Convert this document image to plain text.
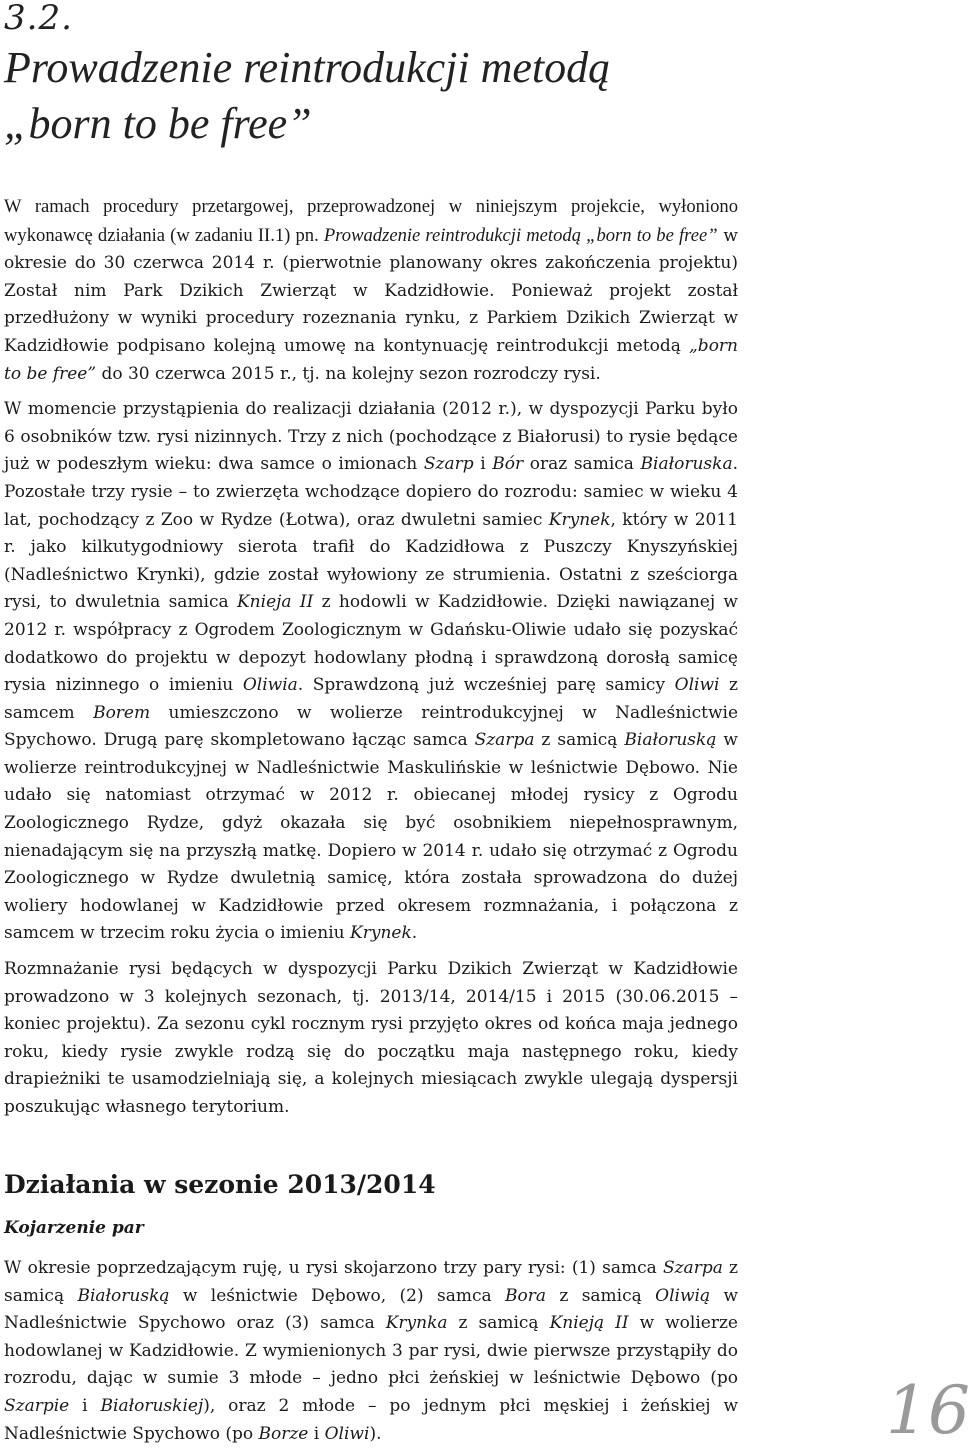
3.2.
Prowadzenie reintrodukcji metodą
„born to be free”

W ramach procedury przetargowej, przeprowadzonej w niniejszym projekcie, wyłoniono wykonawcę działania (w zadaniu II.1) pn. Prowadzenie reintrodukcji metodą „born to be free” w okresie do 30 czerwca 2014 r. (pierwotnie planowany okres zakończenia projektu) Został nim Park Dzikich Zwierząt w Kadzidłowie. Ponieważ projekt został przedłużony w wyniki procedury rozeznania rynku, z Parkiem Dzikich Zwierząt w Kadzidłowie podpisano kolejną umowę na kontynuację reintrodukcji metodą „born to be free” do 30 czerwca 2015 r., tj. na kolejny sezon rozrodczy rysi.

W momencie przystąpienia do realizacji działania (2012 r.), w dyspozycji Parku było 6 osobników tzw. rysi nizinnych. Trzy z nich (pochodzące z Białorusi) to rysie będące już w podeszłym wieku: dwa samce o imionach Szarp i Bór oraz samica Białoruska. Pozostałe trzy rysie – to zwierzęta wchodzące dopiero do rozrodu: samiec w wieku 4 lat, pochodzący z Zoo w Rydze (Łotwa), oraz dwuletni samiec Krynek, który w 2011 r. jako kilkutygodniowy sierota trafił do Kadzidłowa z Puszczy Knyszyńskiej (Nadleśnictwo Krynki), gdzie został wyłowiony ze strumienia. Ostatni z sześciorga rysi, to dwuletnia samica Knieja II z hodowli w Kadzidłowie. Dzięki nawiązanej w 2012 r. współpracy z Ogrodem Zoologicznym w Gdańsku-Oliwie udało się pozyskać dodatkowo do projektu w depozyt hodowlany płodną i sprawdzoną dorosłą samicę rysia nizinnego o imieniu Oliwia. Sprawdzoną już wcześniej parę samicy Oliwi z samcem Borem umieszczono w wolierze reintrodukcyjnej w Nadleśnictwie Spychowo. Drugą parę skompletowano łącząc samca Szarpa z samicą Białoruską w wolierze reintrodukcyjnej w Nadleśnictwie Maskulińskie w leśnictwie Dębowo. Nie udało się natomiast otrzymać w 2012 r. obiecanej młodej rysicy z Ogrodu Zoologicznego Rydze, gdyż okazała się być osobnikiem niepełnosprawnym, nienadającym się na przyszłą matkę. Dopiero w 2014 r. udało się otrzymać z Ogrodu Zoologicznego w Rydze dwuletnią samicę, która została sprowadzona do dużej woliery hodowlanej w Kadzidłowie przed okresem rozmnażania, i połączona z samcem w trzecim roku życia o imieniu Krynek.

Rozmnażanie rysi będących w dyspozycji Parku Dzikich Zwierząt w Kadzidłowie prowadzono w 3 kolejnych sezonach, tj. 2013/14, 2014/15 i 2015 (30.06.2015 – koniec projektu). Za sezonu cykl rocznym rysi przyjęto okres od końca maja jednego roku, kiedy rysie zwykle rodzą się do początku maja następnego roku, kiedy drapieżniki te usamodzielniają się, a kolejnych miesiącach zwykle ulegają dyspersji poszukując własnego terytorium.

Działania w sezonie 2013/2014
Kojarzenie par

W okresie poprzedzającym ruję, u rysi skojarzono trzy pary rysi: (1) samca Szarpa z samicą Białoruską w leśnictwie Dębowo, (2) samca Bora z samicą Oliwią w Nadleśnictwie Spychowo oraz (3) samca Krynka z samicą Knieją II w wolierze hodowlanej w Kadzidłowie. Z wymienionych 3 par rysi, dwie pierwsze przystąpiły do rozrodu, dając w sumie 3 młode – jedno płci żeńskiej w leśnictwie Dębowo (po Szarpie i Białoruskiej), oraz 2 młode – po jednym płci męskiej i żeńskiej w Nadleśnictwie Spychowo (po Borze i Oliwi).	16
